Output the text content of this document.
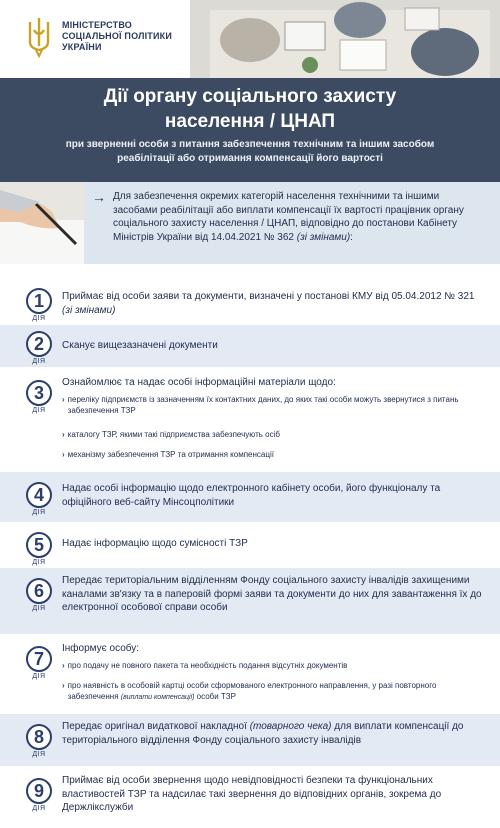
МІНІСТЕРСТВО
СОЦІАЛЬНОЇ ПОЛІТИКИ
УКРАЇНИ
Дії органу соціального захисту населення / ЦНАП
при зверненні особи з питання забезпечення технічним та іншим засобом реабілітації або отримання компенсації його вартості
→ Для забезпечення окремих категорій населення технічними та іншими засобами реабілітації або виплати компенсації їх вартості працівник органу соціального захисту населення / ЦНАП, відповідно до постанови Кабінету Міністрів України від 14.04.2021 № 362 (зі змінами):
1
ДІЯ
Приймає від особи заяви та документи, визначені у постанові КМУ від 05.04.2012 № 321 (зі змінами)
2
ДІЯ
Сканує вищезазначені документи
3
ДІЯ
Ознайомлює та надає особі інформаційні матеріали щодо:
› переліку підприємств із зазначенням їх контактних даних, до яких такі особи можуть звернутися з питань забезпечення ТЗР
› каталогу ТЗР, якими такі підприємства забезпечують осіб
› механізму забезпечення ТЗР та отримання компенсації
4
ДІЯ
Надає особі інформацію щодо електронного кабінету особи, його функціоналу та офіційного веб-сайту Мінсоцполітики
5
ДІЯ
Надає інформацію щодо сумісності ТЗР
6
ДІЯ
Передає територіальним відділенням Фонду соціального захисту інвалідів захищеними каналами зв'язку та в паперовій формі заяви та документи до них для завантаження їх до електронної особової справи особи
7
ДІЯ
Інформує особу:
› про подачу не повного пакета та необхідність подання відсутніх документів
› про наявність в особовій картці особи сформованого електронного направлення, у разі повторного забезпечення (виплати компенсації) особи ТЗР
8
ДІЯ
Передає оригінал видаткової накладної (товарного чека) для виплати компенсації до територіального відділення Фонду соціального захисту інвалідів
9
ДІЯ
Приймає від особи звернення щодо невідповідності безпеки та функціональних властивостей ТЗР та надсилає такі звернення до відповідних органів, зокрема до Держлікслужби
